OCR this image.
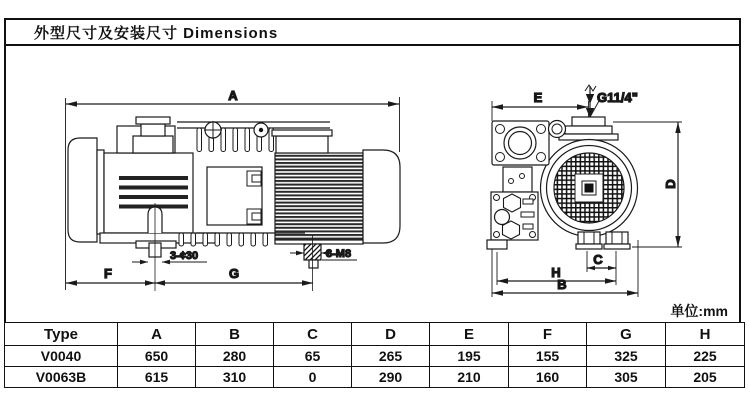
外型尺寸及安装尺寸 Dimensions
3-¢30	3-M8
F	G
A	E	G11/4"
D
C
H
B
单位:mm
Type	A	B	C	D	E	F	G	H
V0040	650	280	65	265	195	155	325	225
V0063B	615	310	0	290	210	160	305	205
